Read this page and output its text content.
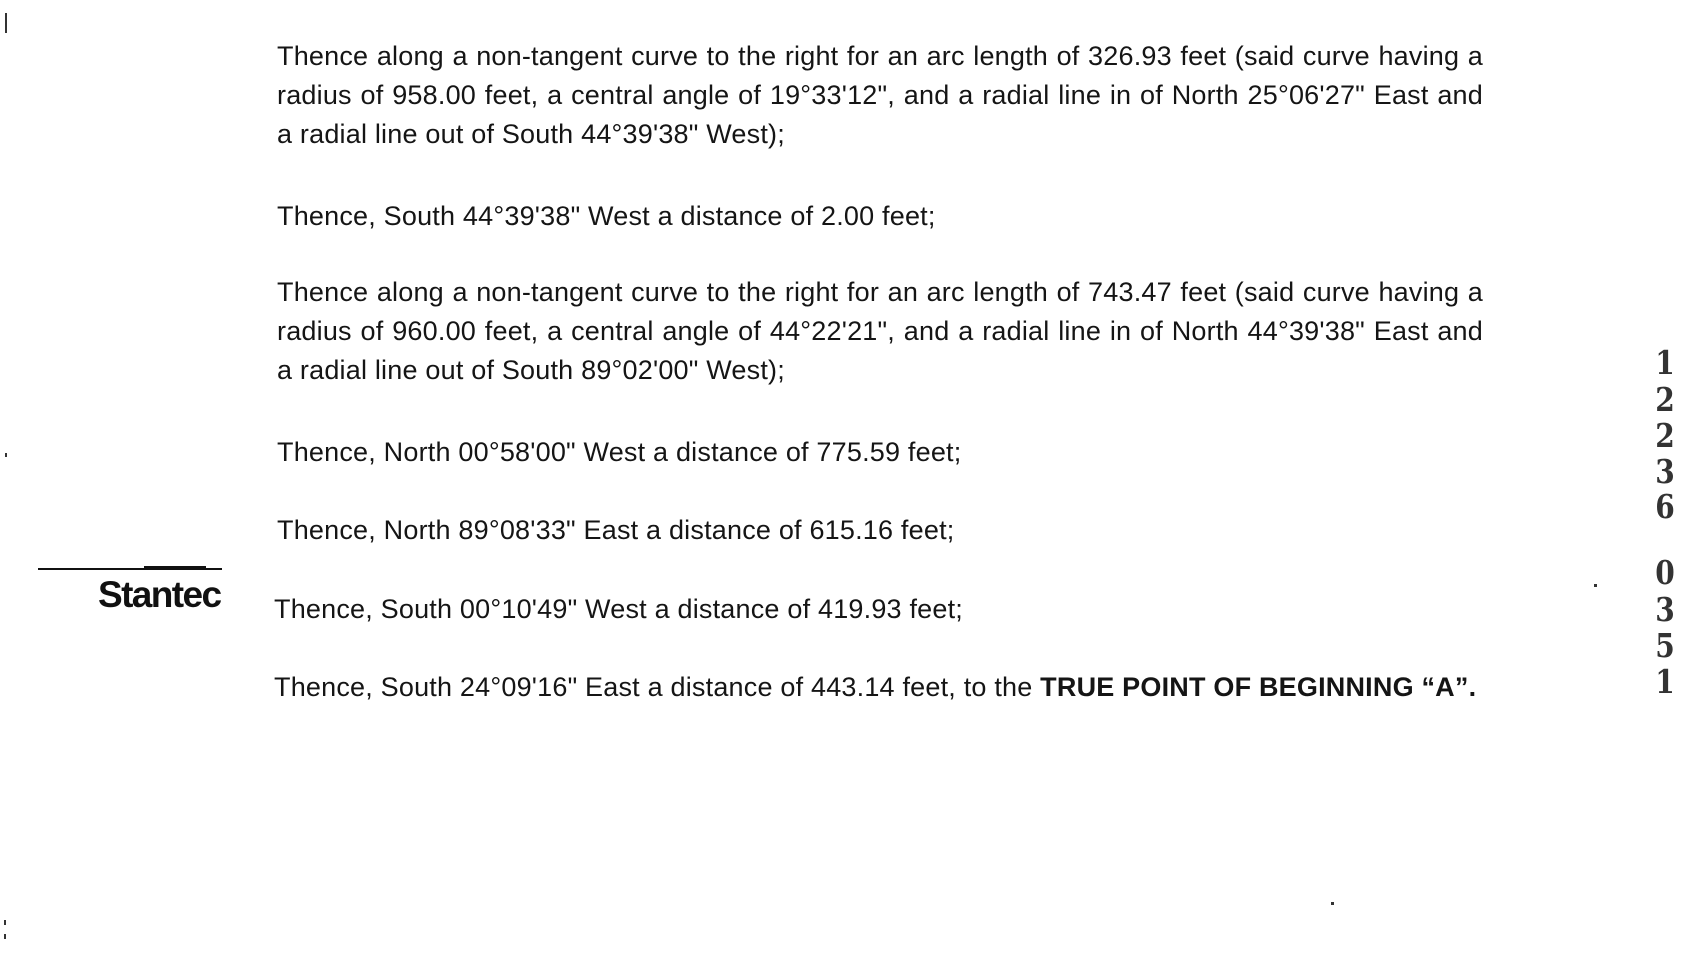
Stantec
Thence along a non-tangent curve to the right for an arc length of 326.93 feet (said curve having a radius of 958.00 feet, a central angle of 19°33'12", and a radial line in of North 25°06'27" East and a radial line out of South 44°39'38" West);
Thence, South 44°39'38" West a distance of 2.00 feet;
Thence along a non-tangent curve to the right for an arc length of 743.47 feet (said curve having a radius of 960.00 feet, a central angle of 44°22'21", and a radial line in of North 44°39'38" East and a radial line out of South 89°02'00" West);
Thence, North 00°58'00" West a distance of 775.59 feet;
Thence, North 89°08'33" East a distance of 615.16 feet;
Thence, South 00°10'49" West a distance of 419.93 feet;
Thence, South 24°09'16" East a distance of 443.14 feet, to the TRUE POINT OF BEGINNING “A”.
1
2
2
3
6
0
3
5
1
